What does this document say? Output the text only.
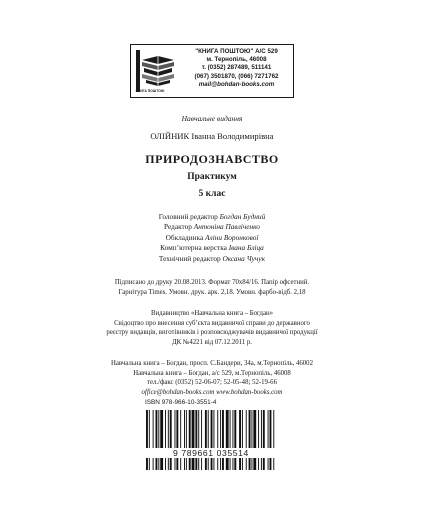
КНИГА ПОШТОЮ
"КНИГА ПОШТОЮ" А/С 529
м. Тернопіль, 46008
т. (0352) 287489, 511141
(067) 3501870, (066) 7271762
mail@bohdan-books.com
Навчальне видання
ОЛІЙНИК Іванна Володимирівна
ПРИРОДОЗНАВСТВО
Практикум
5 клас
Головний редактор Богдан Будний
Редактор Антоніна Павліченко
Обкладинка Аліни Воронкової
Комп’ютерна верстка Іванa Бліцa
Технічний редактор Оксана Чучук
Підписано до друку 20.08.2013. Формат 70х84/16. Папір офсетний.
Гарнітура Times. Умовн. друк. арк. 2,18. Умовн. фарбо-відб. 2,18
Видавництво «Навчальна книга – Богдан»
Свідоцтво про внесення суб’єкта видавничої справи до державного
реєстру видавців, виготівників і розповсюджувачів видавничої продукції
ДК №4221 від 07.12.2011 р.
Навчальна книга – Богдан, просп. С.Бандери, 34а, м.Тернопіль, 46002
Навчальна книга – Богдан, а/с 529, м.Тернопіль, 46008
тел./факс (0352) 52-06-07; 52-05-48; 52-19-66
office@bohdan-books.com www.bohdan-books.com
ISBN 978-966-10-3551-4
9 789661 035514
